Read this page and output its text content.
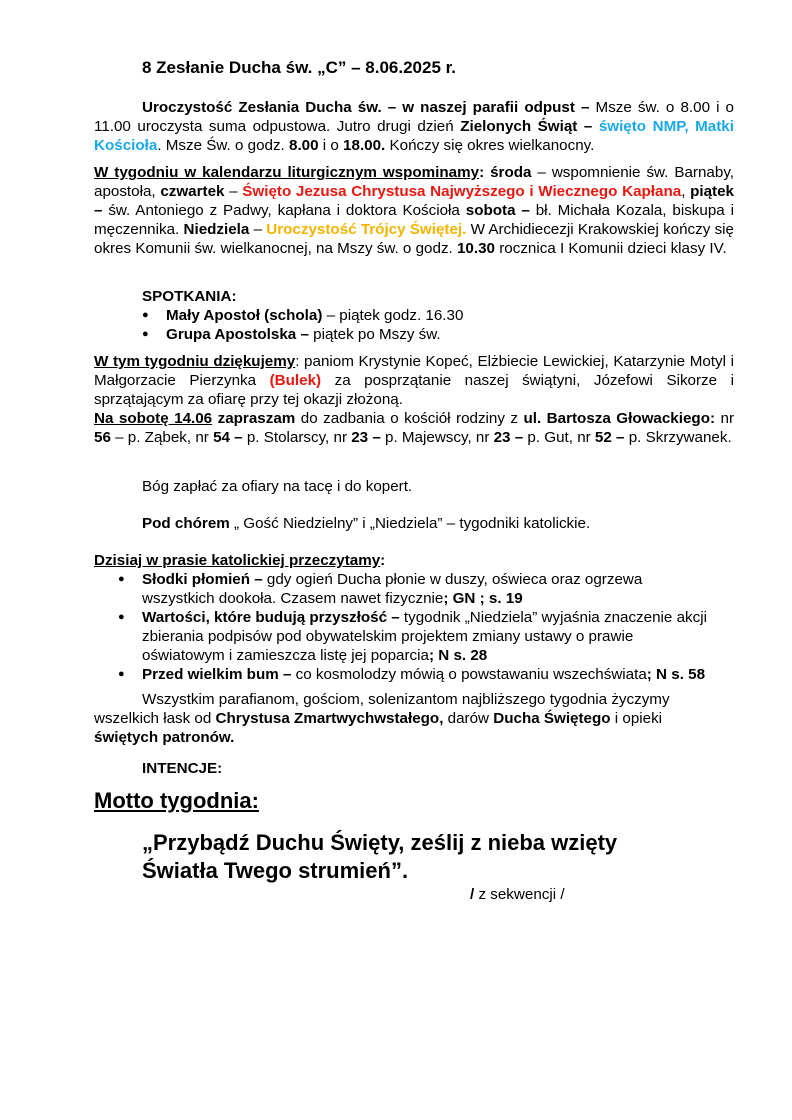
8 Zesłanie Ducha św. „C” – 8.06.2025 r.
Uroczystość Zesłania Ducha św. – w naszej parafii odpust – Msze św. o 8.00 i o 11.00 uroczysta suma odpustowa. Jutro drugi dzień Zielonych Świąt – święto NMP, Matki Kościoła. Msze Św. o godz. 8.00 i o 18.00. Kończy się okres wielkanocny.
W tygodniu w kalendarzu liturgicznym wspominamy: środa – wspomnienie św. Barnaby, apostoła, czwartek – Święto Jezusa Chrystusa Najwyższego i Wiecznego Kapłana, piątek – św. Antoniego z Padwy, kapłana i doktora Kościoła sobota – bł. Michała Kozala, biskupa i męczennika. Niedziela – Uroczystość Trójcy Świętej. W Archidiecezji Krakowskiej kończy się okres Komunii św. wielkanocnej, na Mszy św. o godz. 10.30 rocznica I Komunii dzieci klasy IV.
SPOTKANIA:
● Mały Apostoł (schola) – piątek godz. 16.30
● Grupa Apostolska – piątek po Mszy św.
W tym tygodniu dziękujemy: paniom Krystynie Kopeć, Elżbiecie Lewickiej, Katarzynie Motyl i Małgorzacie Pierzynka (Bulek) za posprzątanie naszej świątyni, Józefowi Sikorze i sprzątającym za ofiarę przy tej okazji złożoną.
Na sobotę 14.06 zapraszam do zadbania o kościół rodziny z ul. Bartosza Głowackiego: nr 56 – p. Ząbek, nr 54 – p. Stolarscy, nr 23 – p. Majewscy, nr 23 – p. Gut, nr 52 – p. Skrzywanek.
Bóg zapłać za ofiary na tacę i do kopert.
Pod chórem „ Gość Niedzielny” i „Niedziela” – tygodniki katolickie.
Dzisiaj w prasie katolickiej przeczytamy:
● Słodki płomień – gdy ogień Ducha płonie w duszy, oświeca oraz ogrzewa wszystkich dookoła. Czasem nawet fizycznie; GN ; s. 19
● Wartości, które budują przyszłość – tygodnik „Niedziela” wyjaśnia znaczenie akcji zbierania podpisów pod obywatelskim projektem zmiany ustawy o prawie oświatowym i zamieszcza listę jej poparcia; N s. 28
● Przed wielkim bum – co kosmolodzy mówią o powstawaniu wszechświata; N s. 58
Wszystkim parafianom, gościom, solenizantom najbliższego tygodnia życzymy wszelkich łask od Chrystusa Zmartwychwstałego, darów Ducha Świętego i opieki świętych patronów.
INTENCJE:
Motto tygodnia:
„Przybądź Duchu Święty, ześlij z nieba wzięty
Światła Twego strumień”.
/ z sekwencji /
